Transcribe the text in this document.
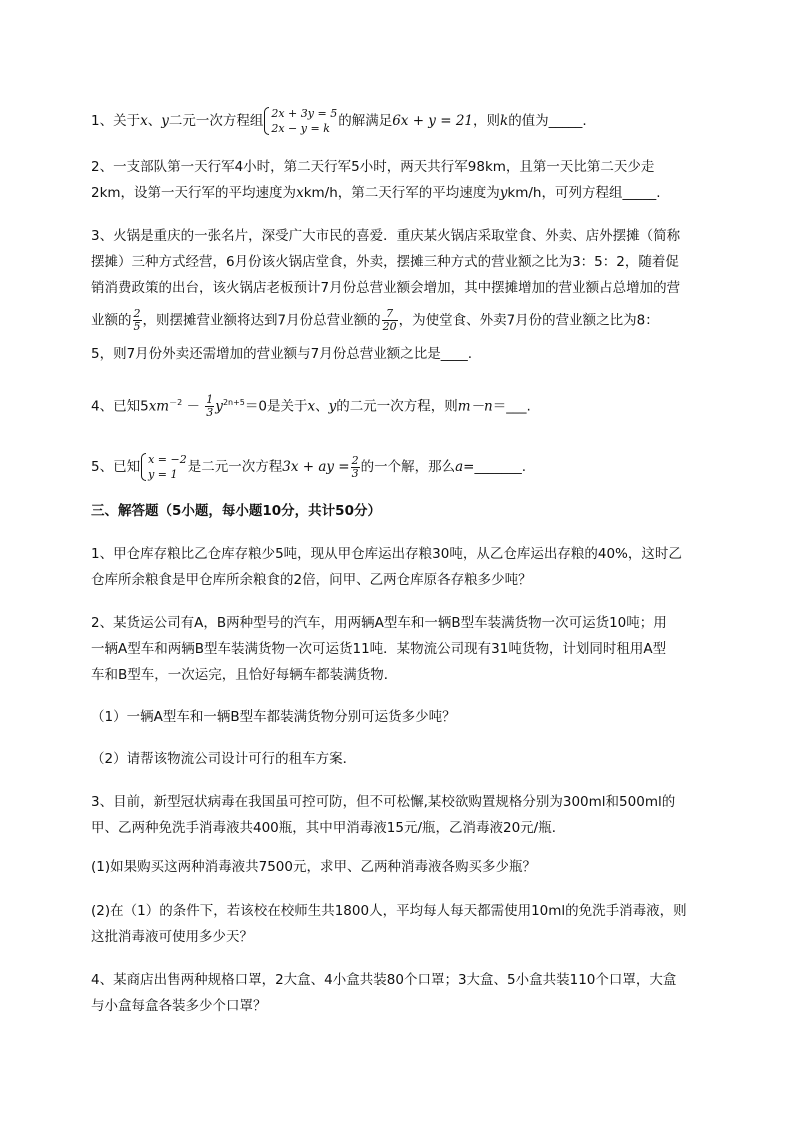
1、关于x、y二元一次方程组 2x + 3y = 5
2x − y = k 的解满足6x + y = 21，则k的值为_____.
2、一支部队第一天行军4小时，第二天行军5小时，两天共行军98km，且第一天比第二天少走
2km，设第一天行军的平均速度为xkm/h，第二天行军的平均速度为ykm/h，可列方程组_____.
3、火锅是重庆的一张名片，深受广大市民的喜爱．重庆某火锅店采取堂食、外卖、店外摆摊（简称
摆摊）三种方式经营，6月份该火锅店堂食，外卖，摆摊三种方式的营业额之比为3：5：2，随着促
销消费政策的出台，该火锅店老板预计7月份总营业额会增加，其中摆摊增加的营业额占总增加的营
业额的 $\frac{2}{5}$ ，则摆摊营业额将达到7月份总营业额的 $\frac{7}{20}$ ，为使堂食、外卖7月份的营业额之比为8：
5，则7月份外卖还需增加的营业额与7月份总营业额之比是____.
4、已知$5xm^{-2} - \frac{1}{3} y^{2n+5}=0$是关于x、y的二元一次方程，则m－n＝___.
5、已知 x = −2
y = 1 是二元一次方程3x + ay = $\frac{2}{3}$ 的一个解，那么a=_______.
三、解答题（5小题，每小题10分，共计50分）
1、甲仓库存粮比乙仓库存粮少5吨，现从甲仓库运出存粮30吨，从乙仓库运出存粮的40%，这时乙
仓库所余粮食是甲仓库所余粮食的2倍，问甲、乙两仓库原各存粮多少吨？
2、某货运公司有A，B两种型号的汽车，用两辆A型车和一辆B型车装满货物一次可运货10吨；用
一辆A型车和两辆B型车装满货物一次可运货11吨．某物流公司现有31吨货物，计划同时租用A型
车和B型车，一次运完，且恰好每辆车都装满货物．
（1）一辆A型车和一辆B型车都装满货物分别可运货多少吨？
（2）请帮该物流公司设计可行的租车方案．
3、目前，新型冠状病毒在我国虽可控可防，但不可松懈,某校欲购置规格分别为300ml和500ml的
甲、乙两种免洗手消毒液共400瓶，其中甲消毒液15元/瓶，乙消毒液20元/瓶．
(1)如果购买这两种消毒液共7500元，求甲、乙两种消毒液各购买多少瓶？
(2)在（1）的条件下，若该校在校师生共1800人，平均每人每天都需使用10ml的免洗手消毒液，则
这批消毒液可使用多少天？
4、某商店出售两种规格口罩，2大盒、4小盒共装80个口罩；3大盒、5小盒共装110个口罩，大盒
与小盒每盒各装多少个口罩？
